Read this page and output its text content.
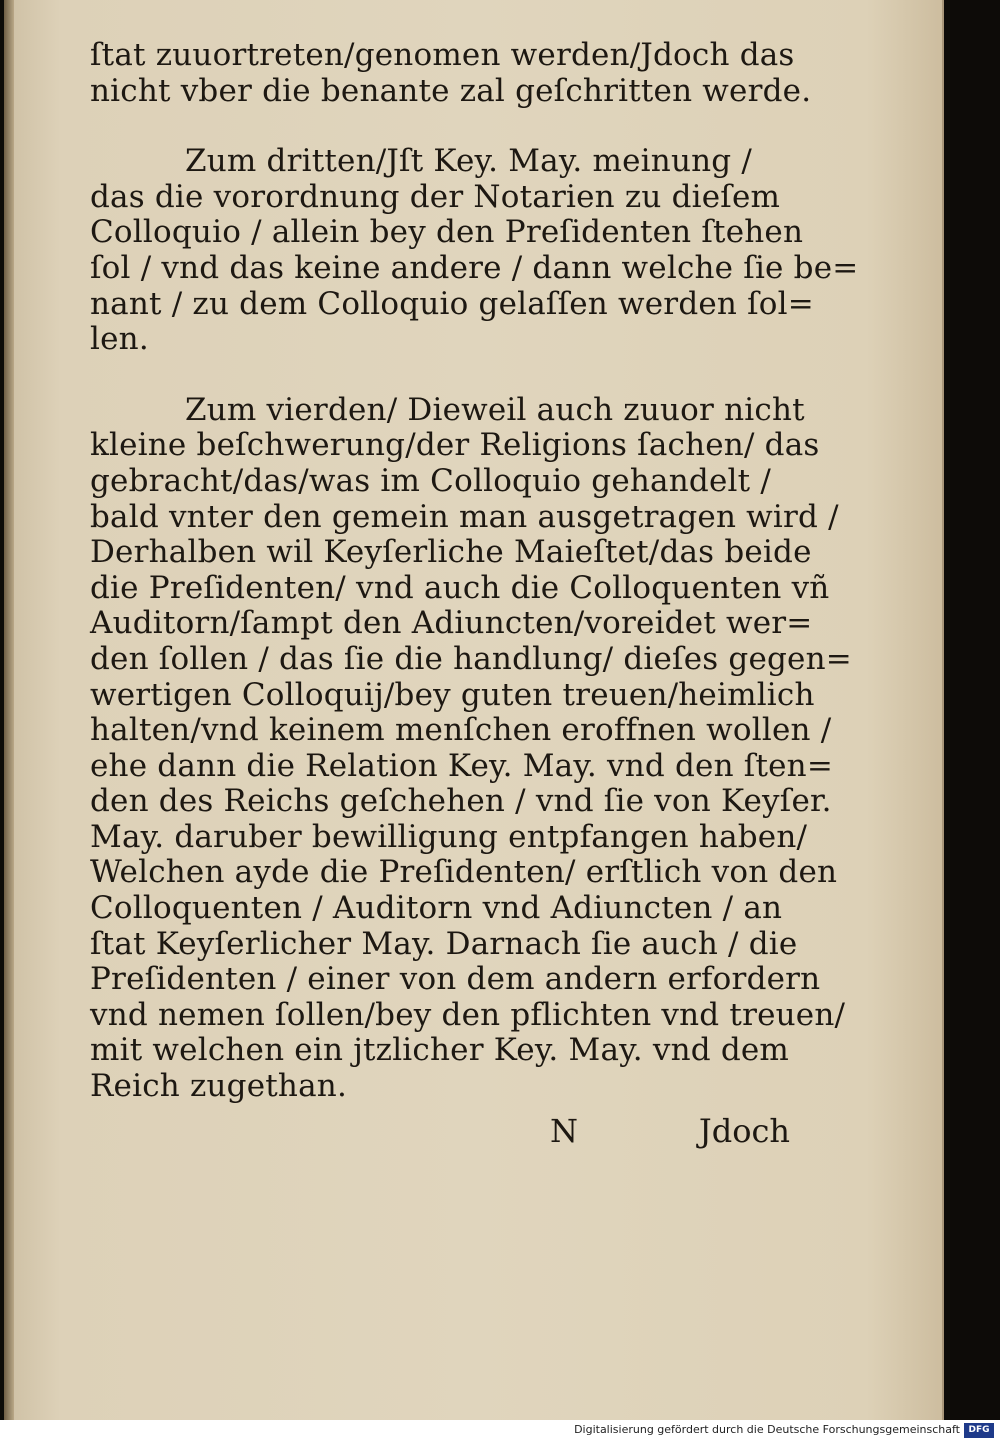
ſtat zuuortreten/genomen werden/Jdoch das
nicht vber die benante zal geſchritten werde.
Zum dritten/Jſt Key. May. meinung /
das die vorordnung der Notarien zu dieſem
Colloquio / allein bey den Preſidenten ſtehen
ſol / vnd das keine andere / dann welche ſie be=
nant / zu dem Colloquio gelaſſen werden ſol=
len.
Zum vierden/ Dieweil auch zuuor nicht
kleine beſchwerung/der Religions ſachen/ das
gebracht/das/was im Colloquio gehandelt /
bald vnter den gemein man ausgetragen wird /
Derhalben wil Keyſerliche Maieſtet/das beide
die Preſidenten/ vnd auch die Colloquenten vñ
Auditorn/ſampt den Adiuncten/voreidet wer=
den ſollen / das ſie die handlung/ dieſes gegen=
wertigen Colloquij/bey guten treuen/heimlich
halten/vnd keinem menſchen eroffnen wollen /
ehe dann die Relation Key. May. vnd den ſten=
den des Reichs geſchehen / vnd ſie von Keyſer.
May. daruber bewilligung entpfangen haben/
Welchen ayde die Preſidenten/ erſtlich von den
Colloquenten / Auditorn vnd Adiuncten / an
ſtat Keyſerlicher May. Darnach ſie auch / die
Preſidenten / einer von dem andern erfordern
vnd nemen ſollen/bey den pflichten vnd treuen/
mit welchen ein jtzlicher Key. May. vnd dem
Reich zugethan.
N	Jdoch
Digitalisierung gefördert durch die Deutsche Forschungsgemeinschaft DFG
